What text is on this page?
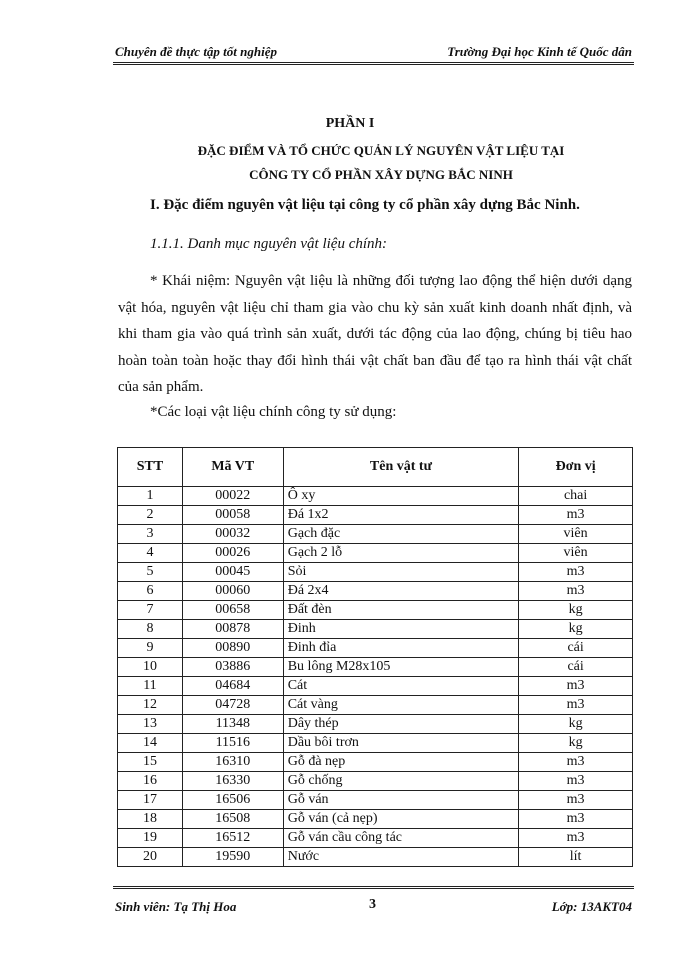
Chuyên đề thực tập tốt nghiệp	Trường Đại học Kinh tế Quốc dân
PHẦN I
ĐẶC ĐIỂM VÀ TỔ CHỨC QUẢN LÝ NGUYÊN VẬT LIỆU TẠI
CÔNG TY CỔ PHẦN XÂY DỰNG BẮC NINH
I. Đặc điểm nguyên vật liệu tại công ty cổ phần xây dựng Bắc Ninh.
1.1.1. Danh mục nguyên vật liệu chính:
* Khái niệm: Nguyên vật liệu là những đối tượng lao động thể hiện dưới dạng vật hóa, nguyên vật liệu chỉ tham gia vào chu kỳ sản xuất kinh doanh nhất định, và khi tham gia vào quá trình sản xuất, dưới tác động của lao động, chúng bị tiêu hao hoàn toàn toàn hoặc thay đổi hình thái vật chất ban đầu để tạo ra hình thái vật chất của sản phẩm.
*Các loại vật liệu chính công ty sử dụng:
STT	Mã VT	Tên vật tư	Đơn vị
1	00022	Ô xy	chai
2	00058	Đá 1x2	m3
3	00032	Gạch đặc	viên
4	00026	Gạch 2 lỗ	viên
5	00045	Sỏi	m3
6	00060	Đá 2x4	m3
7	00658	Đất đèn	kg
8	00878	Đinh	kg
9	00890	Đinh đỉa	cái
10	03886	Bu lông M28x105	cái
11	04684	Cát	m3
12	04728	Cát vàng	m3
13	11348	Dây thép	kg
14	11516	Dầu bôi trơn	kg
15	16310	Gỗ đà nẹp	m3
16	16330	Gỗ chống	m3
17	16506	Gỗ ván	m3
18	16508	Gỗ ván (cả nẹp)	m3
19	16512	Gỗ ván cầu công tác	m3
20	19590	Nước	lít
Sinh viên: Tạ Thị Hoa	3	Lớp: 13AKT04
